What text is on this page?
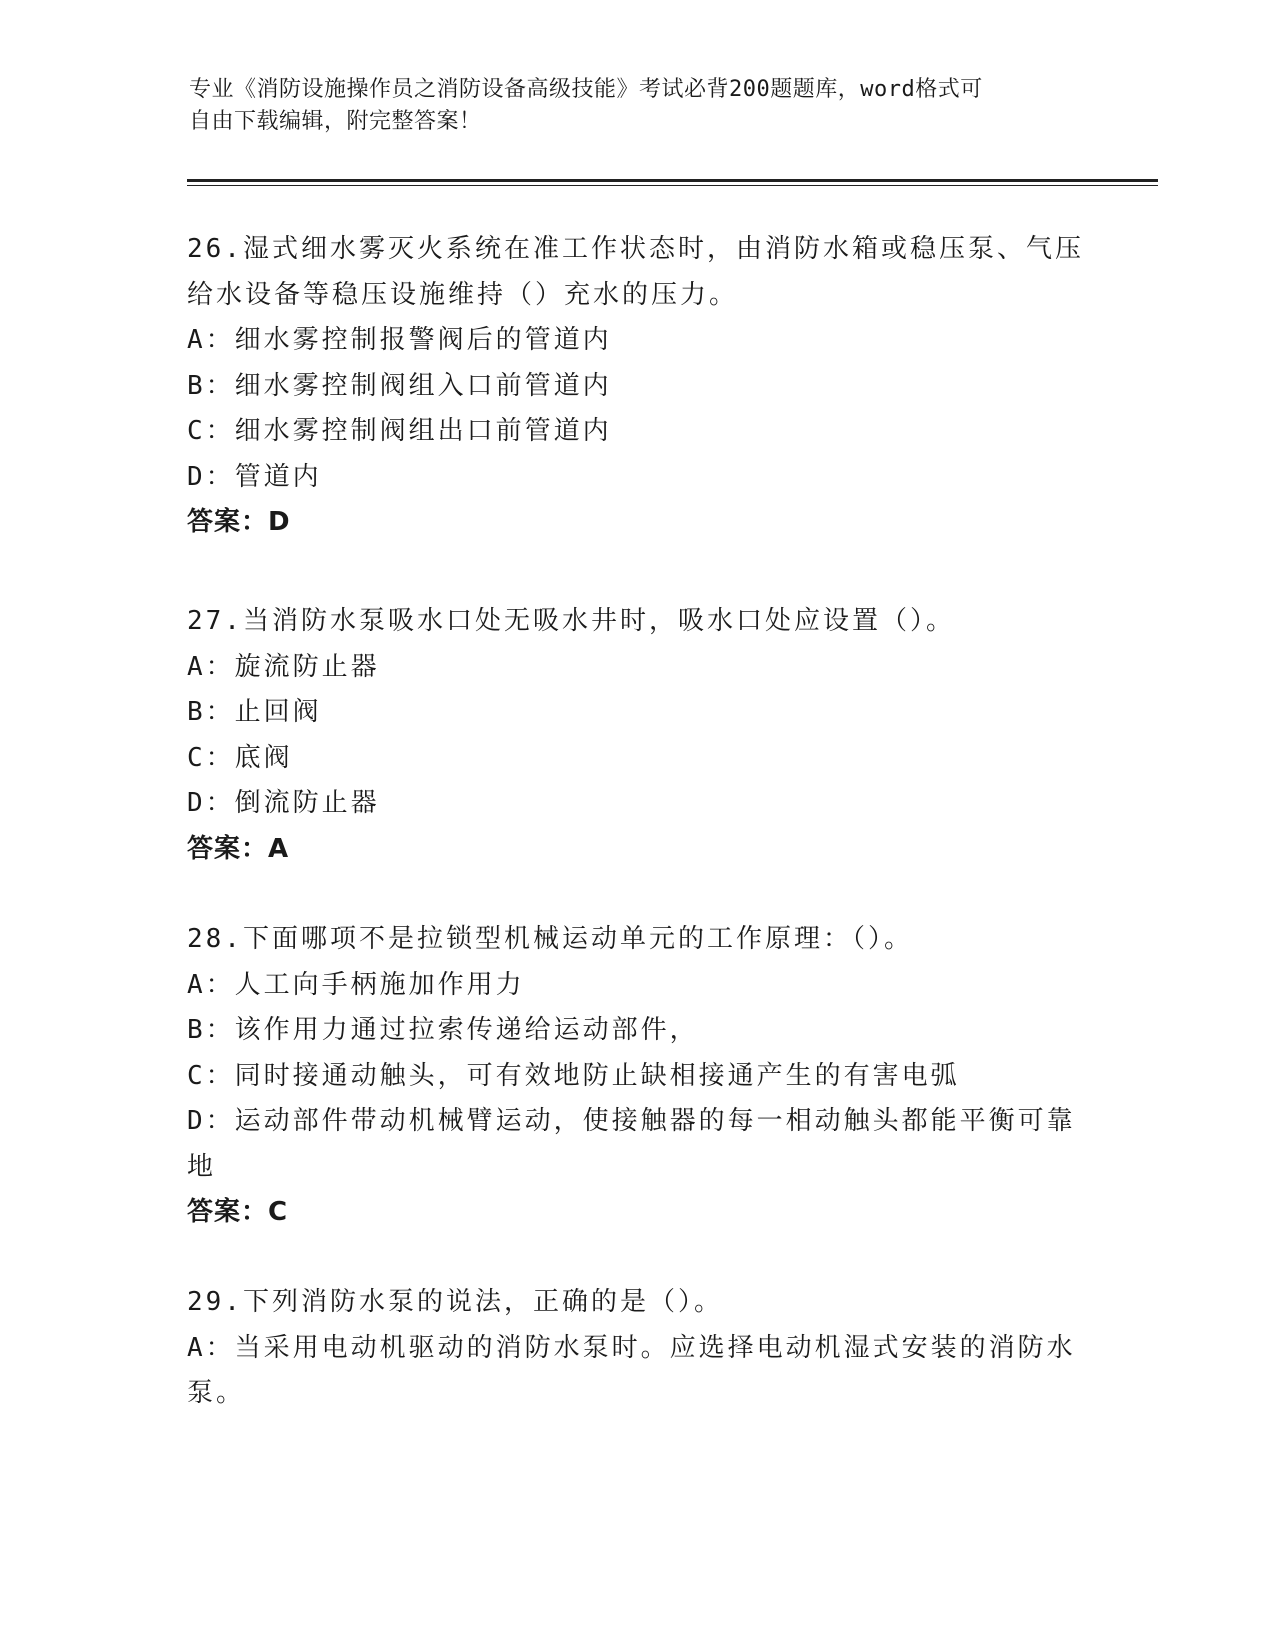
专业《消防设施操作员之消防设备高级技能》考试必背200题题库，word格式可
自由下载编辑，附完整答案！

26.湿式细水雾灭火系统在准工作状态时，由消防水箱或稳压泵、气压给水设备等稳压设施维持（）充水的压力。

A：细水雾控制报警阀后的管道内

B：细水雾控制阀组入口前管道内

C：细水雾控制阀组出口前管道内

D：管道内

答案：D

27.当消防水泵吸水口处无吸水井时，吸水口处应设置（）。

A：旋流防止器

B：止回阀

C：底阀

D：倒流防止器

答案：A

28.下面哪项不是拉锁型机械运动单元的工作原理：（）。

A：人工向手柄施加作用力

B：该作用力通过拉索传递给运动部件，

C：同时接通动触头，可有效地防止缺相接通产生的有害电弧

D：运动部件带动机械臂运动，使接触器的每一相动触头都能平衡可靠地

答案：C

29.下列消防水泵的说法，正确的是（）。

A：当采用电动机驱动的消防水泵时。应选择电动机湿式安装的消防水泵。
